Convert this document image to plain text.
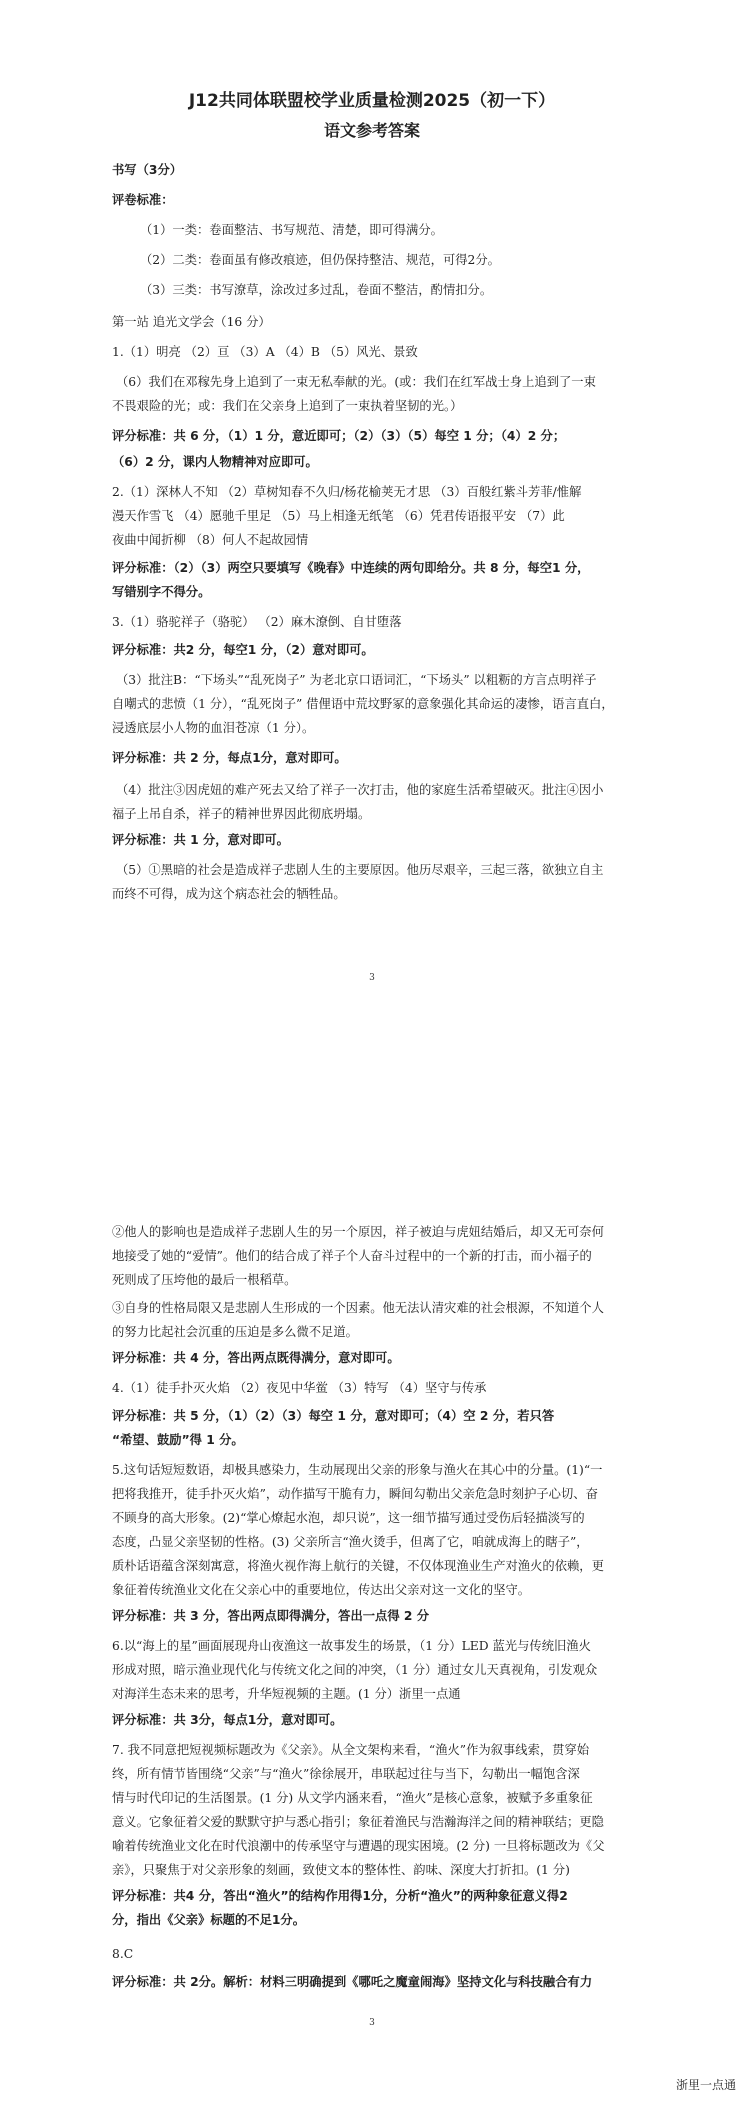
J12共同体联盟校学业质量检测2025（初一下）
语文参考答案
书写（3分）
评卷标准：
（1）一类：卷面整洁、书写规范、清楚，即可得满分。
（2）二类：卷面虽有修改痕迹，但仍保持整洁、规范，可得2分。
（3）三类：书写潦草，涂改过多过乱，卷面不整洁，酌情扣分。
第一站 追光文学会（16 分）
1.（1）明亮 （2）亘 （3）A （4）B （5）风光、景致
（6）我们在邓稼先身上追到了一束无私奉献的光。(或：我们在红军战士身上追到了一束
不畏艰险的光；或：我们在父亲身上追到了一束执着坚韧的光。）
评分标准：共 6 分，（1）1 分，意近即可；（2）（3）（5）每空 1 分；（4）2 分；
（6）2 分，课内人物精神对应即可。
2.（1）深林人不知 （2）草树知春不久归/杨花榆荚无才思 （3）百般红紫斗芳菲/惟解
漫天作雪飞 （4）愿驰千里足 （5）马上相逢无纸笔 （6）凭君传语报平安 （7）此
夜曲中闻折柳 （8）何人不起故园情
评分标准：（2）（3）两空只要填写《晚春》中连续的两句即给分。共 8 分，每空1 分，
写错别字不得分。
3.（1）骆驼祥子（骆驼） （2）麻木潦倒、自甘堕落
评分标准：共2 分，每空1 分，（2）意对即可。
（3）批注B：“下场头”“乱死岗子” 为老北京口语词汇，“下场头” 以粗粝的方言点明祥子
自嘲式的悲愤（1 分），“乱死岗子” 借俚语中荒坟野冢的意象强化其命运的凄惨，语言直白，
浸透底层小人物的血泪苍凉（1 分）。
评分标准：共 2 分，每点1分，意对即可。
（4）批注③因虎妞的难产死去又给了祥子一次打击，他的家庭生活希望破灭。批注④因小
福子上吊自杀，祥子的精神世界因此彻底坍塌。
评分标准：共 1 分，意对即可。
（5）①黑暗的社会是造成祥子悲剧人生的主要原因。他历尽艰辛，三起三落，欲独立自主
而终不可得，成为这个病态社会的牺牲品。
3
②他人的影响也是造成祥子悲剧人生的另一个原因，祥子被迫与虎妞结婚后，却又无可奈何
地接受了她的“爱情”。他们的结合成了祥子个人奋斗过程中的一个新的打击，而小福子的
死则成了压垮他的最后一根稻草。
③自身的性格局限又是悲剧人生形成的一个因素。他无法认清灾难的社会根源，不知道个人
的努力比起社会沉重的压迫是多么微不足道。
评分标准：共 4 分，答出两点既得满分，意对即可。
4.（1）徒手扑灭火焰 （2）夜见中华鲎 （3）特写 （4）坚守与传承
评分标准：共 5 分，（1）（2）（3）每空 1 分，意对即可；（4）空 2 分，若只答
“希望、鼓励”得 1 分。
5.这句话短短数语，却极具感染力，生动展现出父亲的形象与渔火在其心中的分量。(1)“一
把将我推开，徒手扑灭火焰”，动作描写干脆有力，瞬间勾勒出父亲危急时刻护子心切、奋
不顾身的高大形象。(2)“掌心燎起水泡，却只说”，这一细节描写通过受伤后轻描淡写的
态度，凸显父亲坚韧的性格。(3) 父亲所言“渔火烫手，但离了它，咱就成海上的瞎子”，
质朴话语蕴含深刻寓意，将渔火视作海上航行的关键，不仅体现渔业生产对渔火的依赖，更
象征着传统渔业文化在父亲心中的重要地位，传达出父亲对这一文化的坚守。
评分标准：共 3 分，答出两点即得满分，答出一点得 2 分
6.以“海上的星”画面展现舟山夜渔这一故事发生的场景，（1 分）LED 蓝光与传统旧渔火
形成对照，暗示渔业现代化与传统文化之间的冲突，（1 分）通过女儿天真视角，引发观众
对海洋生态未来的思考，升华短视频的主题。(1 分）浙里一点通
评分标准：共 3分，每点1分，意对即可。
7. 我不同意把短视频标题改为《父亲》。从全文架构来看，“渔火”作为叙事线索，贯穿始
终，所有情节皆围绕“父亲”与“渔火”徐徐展开，串联起过往与当下，勾勒出一幅饱含深
情与时代印记的生活图景。(1 分) 从文学内涵来看，“渔火”是核心意象，被赋予多重象征
意义。它象征着父爱的默默守护与悉心指引；象征着渔民与浩瀚海洋之间的精神联结；更隐
喻着传统渔业文化在时代浪潮中的传承坚守与遭遇的现实困境。(2 分) 一旦将标题改为《父
亲》，只聚焦于对父亲形象的刻画，致使文本的整体性、韵味、深度大打折扣。(1 分)
评分标准：共4 分，答出“渔火”的结构作用得1分，分析“渔火”的两种象征意义得2
分，指出《父亲》标题的不足1分。
8.C
评分标准：共 2分。解析：材料三明确提到《哪吒之魔童闹海》坚持文化与科技融合有力
3
浙里一点通
